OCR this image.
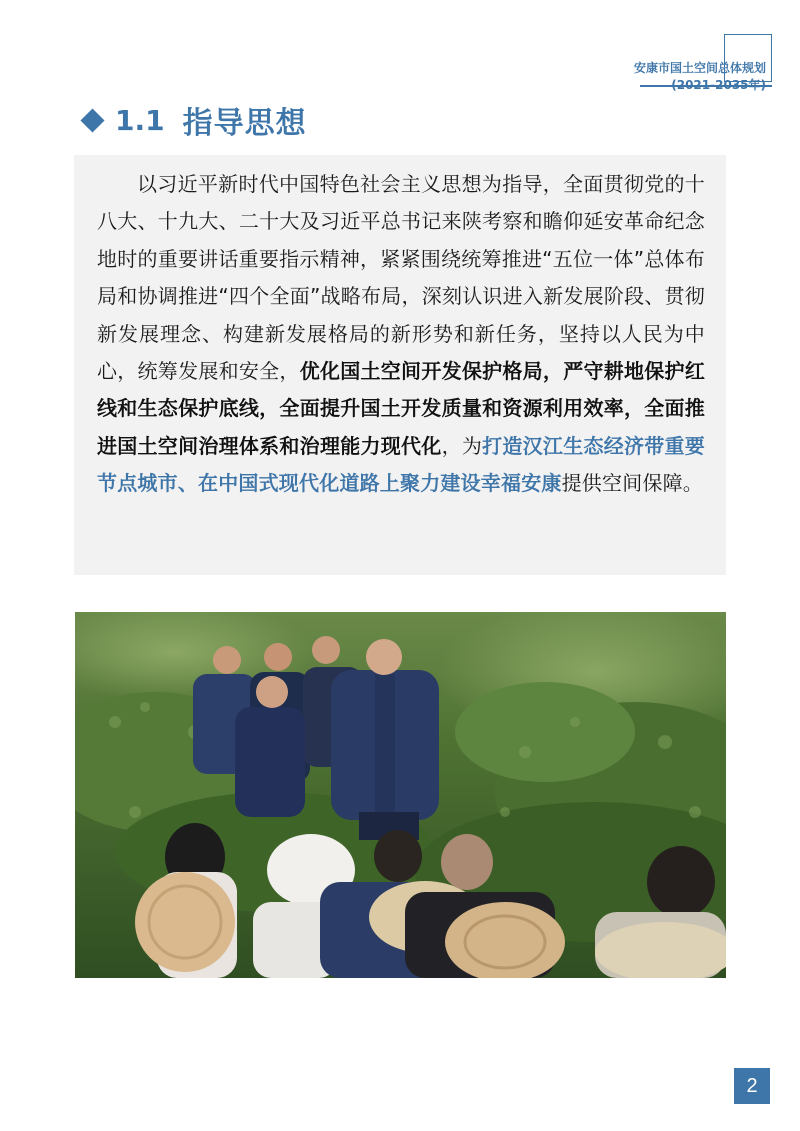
安康市国土空间总体规划
(2021-2035年)
1.1 指导思想

以习近平新时代中国特色社会主义思想为指导，全面贯彻党的十八大、十九大、二十大及习近平总书记来陕考察和瞻仰延安革命纪念地时的重要讲话重要指示精神，紧紧围绕统筹推进“五位一体”总体布局和协调推进“四个全面”战略布局，深刻认识进入新发展阶段、贯彻新发展理念、构建新发展格局的新形势和新任务，坚持以人民为中心，统筹发展和安全，优化国土空间开发保护格局，严守耕地保护红线和生态保护底线，全面提升国土开发质量和资源利用效率，全面推进国土空间治理体系和治理能力现代化，为打造汉江生态经济带重要节点城市、在中国式现代化道路上聚力建设幸福安康提供空间保障。

2
